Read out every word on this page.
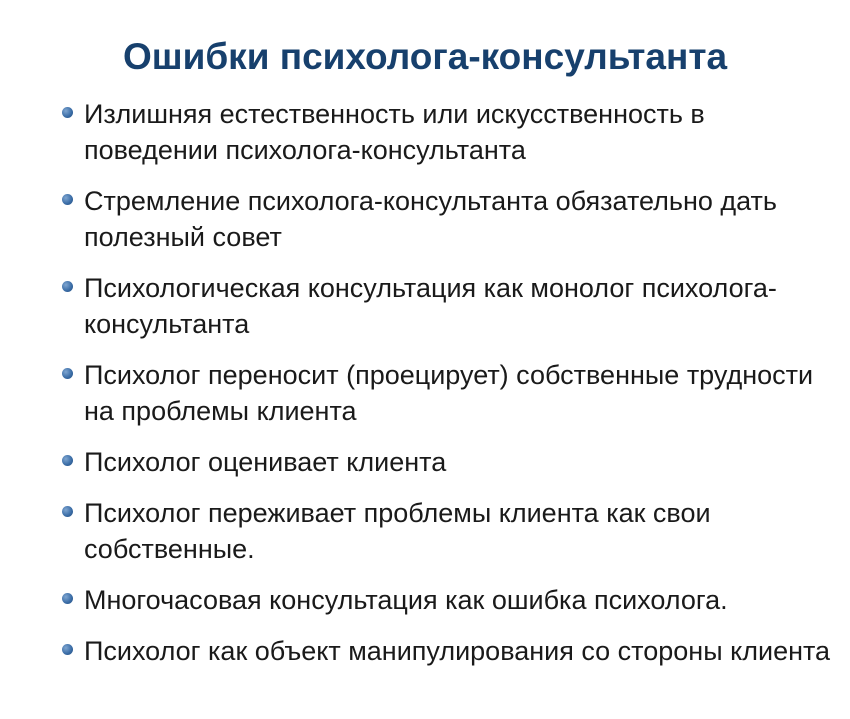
Ошибки психолога-консультанта
Излишняя естественность или искусственность в поведении психолога-консультанта
Стремление психолога-консультанта обязательно дать полезный совет
Психологическая консультация как монолог психолога-консультанта
Психолог переносит (проецирует) собственные трудности на проблемы клиента
Психолог оценивает клиента
Психолог переживает проблемы клиента как свои собственные.
Многочасовая консультация как ошибка психолога.
Психолог как объект манипулирования со стороны клиента
